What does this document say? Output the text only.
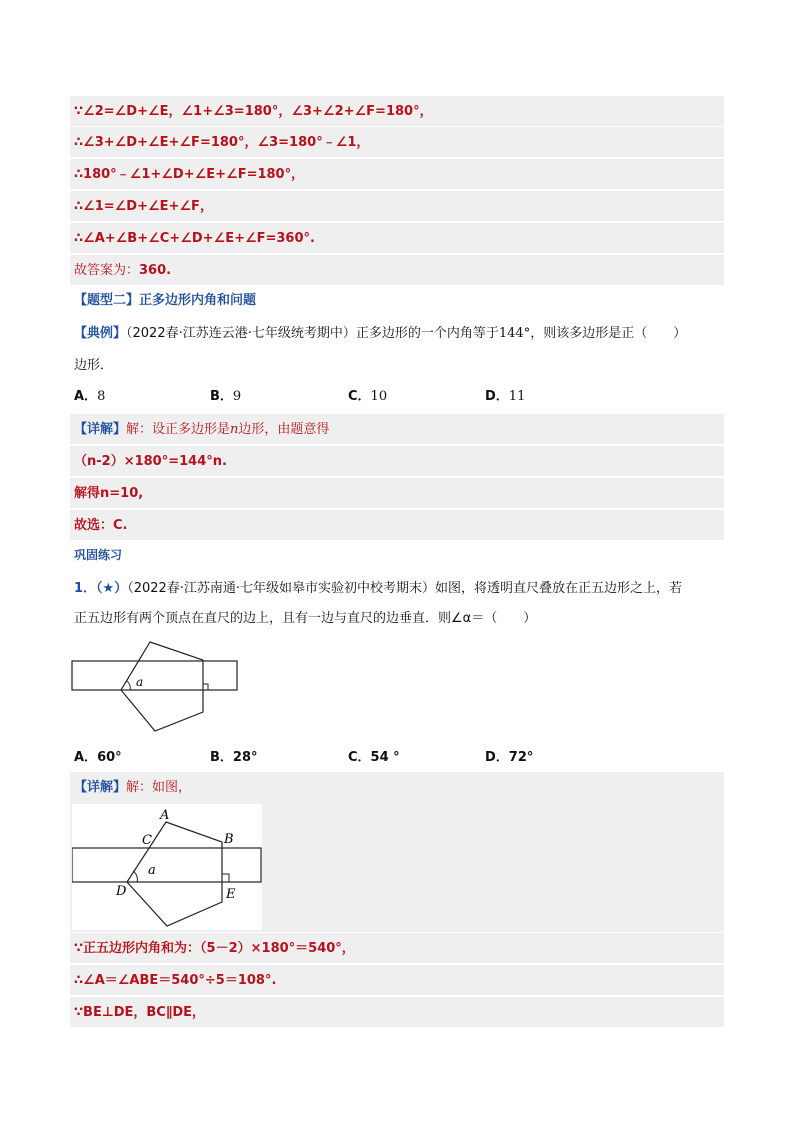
∵∠2=∠D+∠E，∠1+∠3=180°，∠3+∠2+∠F=180°，
∴∠3+∠D+∠E+∠F=180°，∠3=180°﹣∠1，
∴180°﹣∠1+∠D+∠E+∠F=180°，
∴∠1=∠D+∠E+∠F，
∴∠A+∠B+∠C+∠D+∠E+∠F=360°.
故答案为：360.
【题型二】正多边形内角和问题
【典例】（2022春·江苏连云港·七年级统考期中）正多边形的一个内角等于144°，则该多边形是正（　　）
边形．
A．8	B．9	C．10	D．11
【详解】解：设正多边形是n边形，由题意得
（n-2）×180°=144°n.
解得n=10,
故选：C.
巩固练习
1．（★）（2022春·江苏南通·七年级如皋市实验初中校考期末）如图，将透明直尺叠放在正五边形之上，若
正五边形有两个顶点在直尺的边上，且有一边与直尺的边垂直．则∠α＝（　　）
a
A．60°	B．28°	C．54 °	D．72°
【详解】解：如图，
A
B
C
D	E
a
∵正五边形内角和为：（5－2）×180°＝540°，
∴∠A＝∠ABE＝540°÷5＝108°.
∵BE⊥DE，BC∥DE，
